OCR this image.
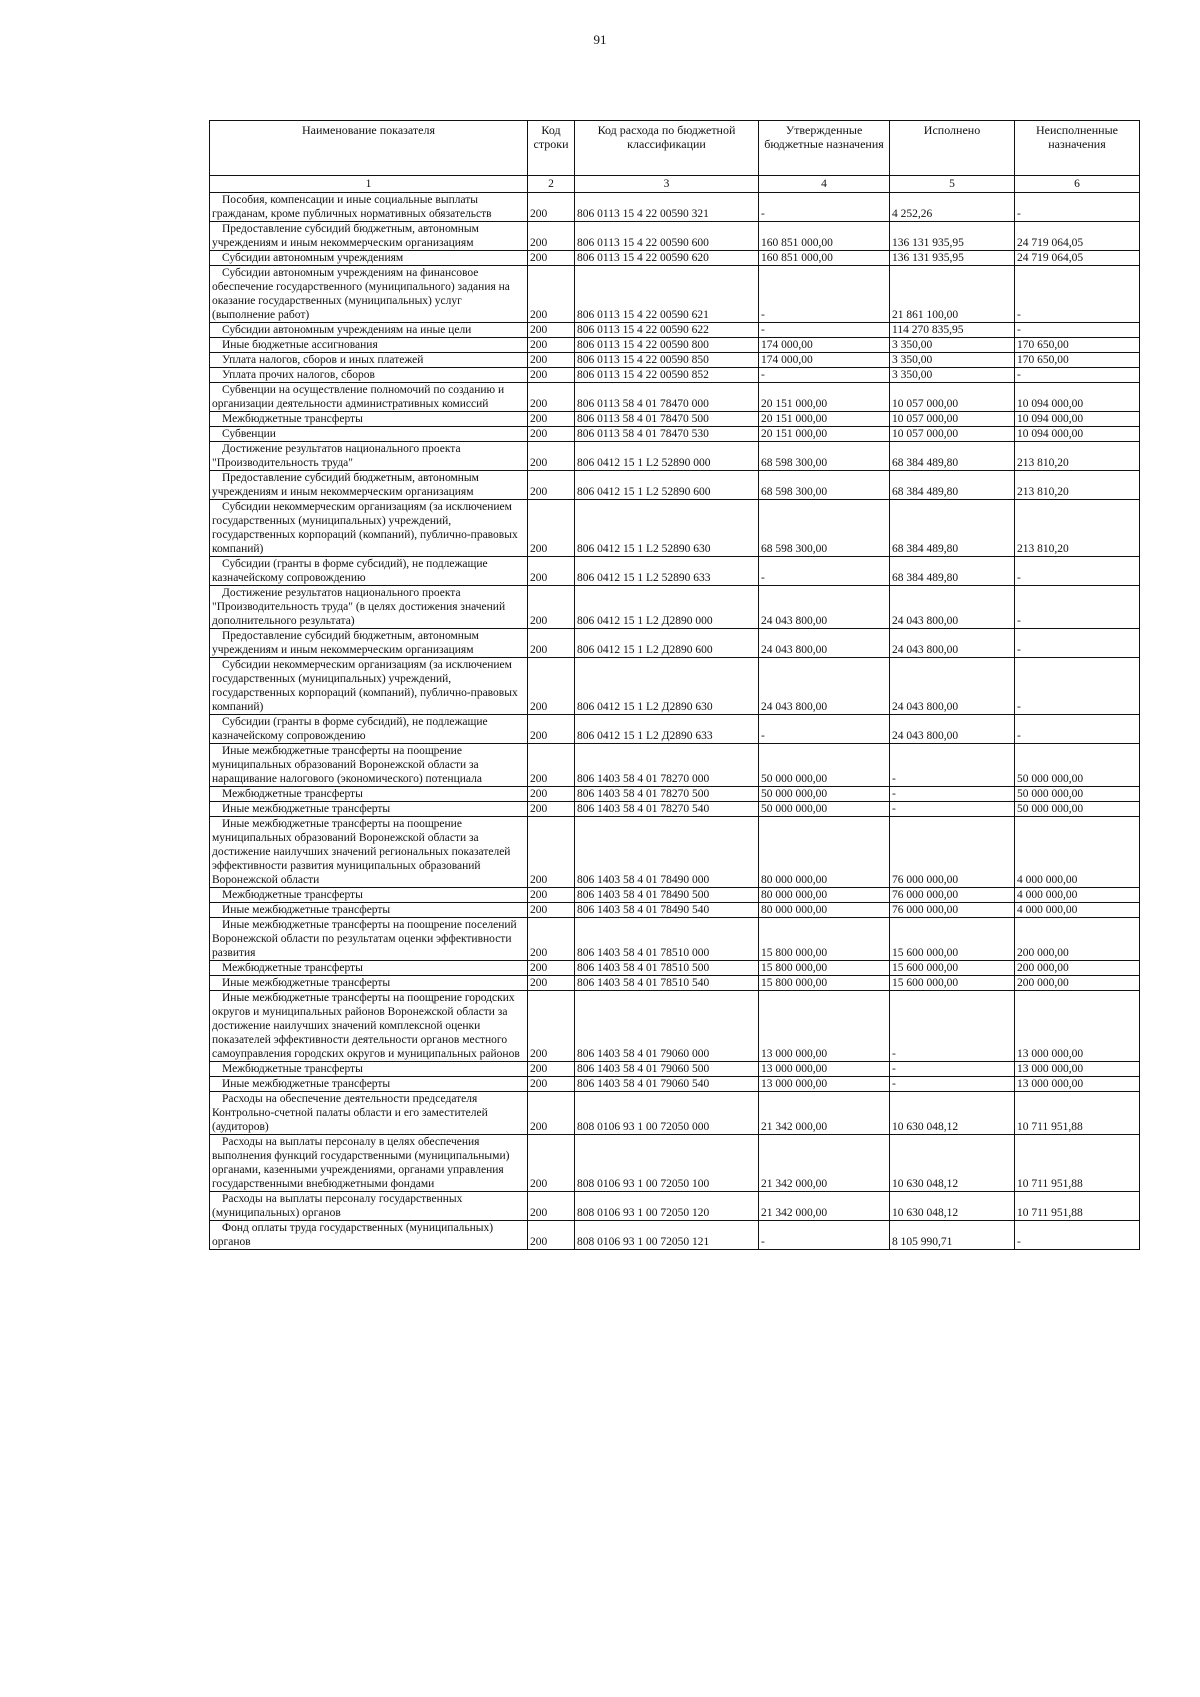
91
Наименование показателя	Код строки	Код расхода по бюджетной классификации	Утвержденные бюджетные назначения	Исполнено	Неисполненные назначения
1	2	3	4	5	6
Пособия, компенсации и иные социальные выплаты гражданам, кроме публичных нормативных обязательств	200	806 0113 15 4 22 00590 321	-	4 252,26	-
Предоставление субсидий бюджетным, автономным учреждениям и иным некоммерческим организациям	200	806 0113 15 4 22 00590 600	160 851 000,00	136 131 935,95	24 719 064,05
Субсидии автономным учреждениям	200	806 0113 15 4 22 00590 620	160 851 000,00	136 131 935,95	24 719 064,05
Субсидии автономным учреждениям на финансовое обеспечение государственного (муниципального) задания на оказание государственных (муниципальных) услуг (выполнение работ)	200	806 0113 15 4 22 00590 621	-	21 861 100,00	-
Субсидии автономным учреждениям на иные цели	200	806 0113 15 4 22 00590 622	-	114 270 835,95	-
Иные бюджетные ассигнования	200	806 0113 15 4 22 00590 800	174 000,00	3 350,00	170 650,00
Уплата налогов, сборов и иных платежей	200	806 0113 15 4 22 00590 850	174 000,00	3 350,00	170 650,00
Уплата прочих налогов, сборов	200	806 0113 15 4 22 00590 852	-	3 350,00	-
Субвенции на осуществление полномочий по созданию и организации деятельности административных комиссий	200	806 0113 58 4 01 78470 000	20 151 000,00	10 057 000,00	10 094 000,00
Межбюджетные трансферты	200	806 0113 58 4 01 78470 500	20 151 000,00	10 057 000,00	10 094 000,00
Субвенции	200	806 0113 58 4 01 78470 530	20 151 000,00	10 057 000,00	10 094 000,00
Достижение результатов национального проекта "Производительность труда"	200	806 0412 15 1 L2 52890 000	68 598 300,00	68 384 489,80	213 810,20
Предоставление субсидий бюджетным, автономным учреждениям и иным некоммерческим организациям	200	806 0412 15 1 L2 52890 600	68 598 300,00	68 384 489,80	213 810,20
Субсидии некоммерческим организациям (за исключением государственных (муниципальных) учреждений, государственных корпораций (компаний), публично-правовых компаний)	200	806 0412 15 1 L2 52890 630	68 598 300,00	68 384 489,80	213 810,20
Субсидии (гранты в форме субсидий), не подлежащие казначейскому сопровождению	200	806 0412 15 1 L2 52890 633	-	68 384 489,80	-
Достижение результатов национального проекта "Производительность труда" (в целях достижения значений дополнительного результата)	200	806 0412 15 1 L2 Д2890 000	24 043 800,00	24 043 800,00	-
Предоставление субсидий бюджетным, автономным учреждениям и иным некоммерческим организациям	200	806 0412 15 1 L2 Д2890 600	24 043 800,00	24 043 800,00	-
Субсидии некоммерческим организациям (за исключением государственных (муниципальных) учреждений, государственных корпораций (компаний), публично-правовых компаний)	200	806 0412 15 1 L2 Д2890 630	24 043 800,00	24 043 800,00	-
Субсидии (гранты в форме субсидий), не подлежащие казначейскому сопровождению	200	806 0412 15 1 L2 Д2890 633	-	24 043 800,00	-
Иные межбюджетные трансферты на поощрение муниципальных образований Воронежской области за наращивание налогового (экономического) потенциала	200	806 1403 58 4 01 78270 000	50 000 000,00	-	50 000 000,00
Межбюджетные трансферты	200	806 1403 58 4 01 78270 500	50 000 000,00	-	50 000 000,00
Иные межбюджетные трансферты	200	806 1403 58 4 01 78270 540	50 000 000,00	-	50 000 000,00
Иные межбюджетные трансферты на поощрение муниципальных образований Воронежской области за достижение наилучших значений региональных показателей эффективности развития муниципальных образований Воронежской области	200	806 1403 58 4 01 78490 000	80 000 000,00	76 000 000,00	4 000 000,00
Межбюджетные трансферты	200	806 1403 58 4 01 78490 500	80 000 000,00	76 000 000,00	4 000 000,00
Иные межбюджетные трансферты	200	806 1403 58 4 01 78490 540	80 000 000,00	76 000 000,00	4 000 000,00
Иные межбюджетные трансферты на поощрение поселений Воронежской области по результатам оценки эффективности развития	200	806 1403 58 4 01 78510 000	15 800 000,00	15 600 000,00	200 000,00
Межбюджетные трансферты	200	806 1403 58 4 01 78510 500	15 800 000,00	15 600 000,00	200 000,00
Иные межбюджетные трансферты	200	806 1403 58 4 01 78510 540	15 800 000,00	15 600 000,00	200 000,00
Иные межбюджетные трансферты на поощрение городских округов и муниципальных районов Воронежской области за достижение наилучших значений комплексной оценки показателей эффективности деятельности органов местного самоуправления городских округов и муниципальных районов	200	806 1403 58 4 01 79060 000	13 000 000,00	-	13 000 000,00
Межбюджетные трансферты	200	806 1403 58 4 01 79060 500	13 000 000,00	-	13 000 000,00
Иные межбюджетные трансферты	200	806 1403 58 4 01 79060 540	13 000 000,00	-	13 000 000,00
Расходы на обеспечение деятельности председателя Контрольно-счетной палаты области и его заместителей (аудиторов)	200	808 0106 93 1 00 72050 000	21 342 000,00	10 630 048,12	10 711 951,88
Расходы на выплаты персоналу в целях обеспечения выполнения функций государственными (муниципальными) органами, казенными учреждениями, органами управления государственными внебюджетными фондами	200	808 0106 93 1 00 72050 100	21 342 000,00	10 630 048,12	10 711 951,88
Расходы на выплаты персоналу государственных (муниципальных) органов	200	808 0106 93 1 00 72050 120	21 342 000,00	10 630 048,12	10 711 951,88
Фонд оплаты труда государственных (муниципальных) органов	200	808 0106 93 1 00 72050 121	-	8 105 990,71	-
